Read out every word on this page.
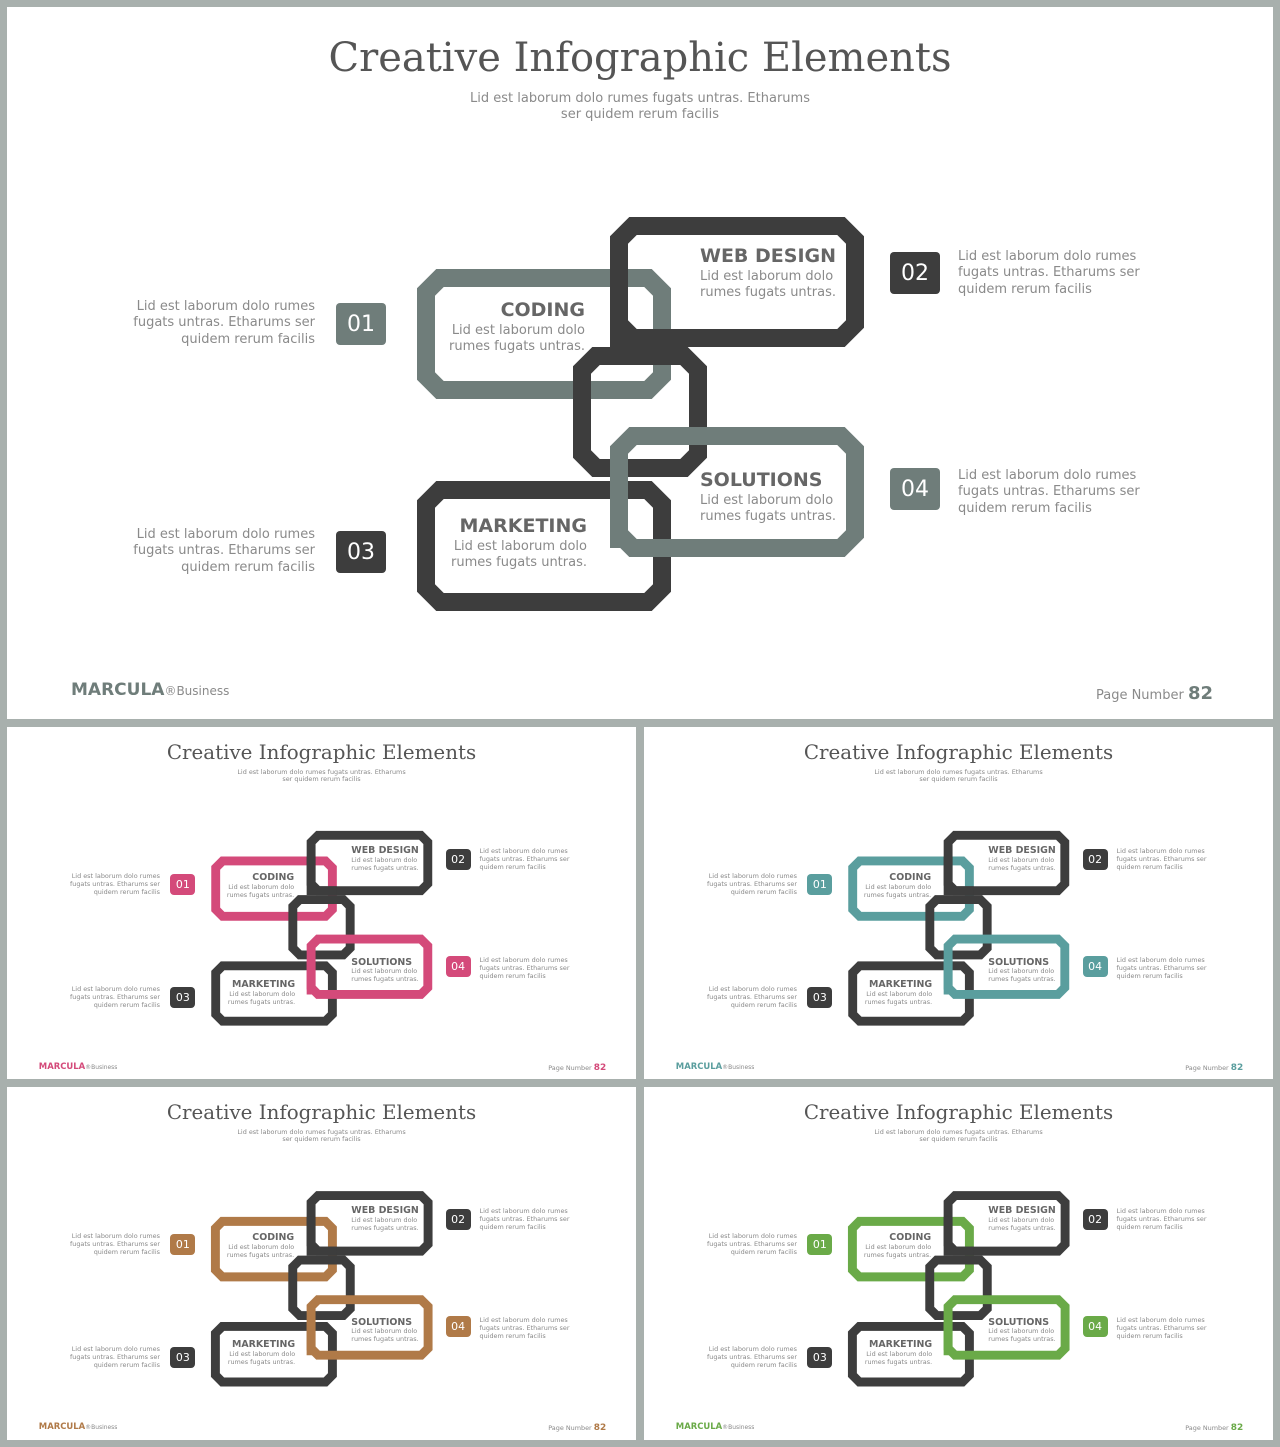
Creative Infographic Elements

Lid est laborum dolo rumes fugats untras. Etharums
ser quidem rerum facilis

CODING
Lid est laborum dolo
rumes fugats untras.
WEB DESIGN
Lid est laborum dolo
rumes fugats untras.
MARKETING
Lid est laborum dolo
rumes fugats untras.
SOLUTIONS
Lid est laborum dolo
rumes fugats untras.
01
Lid est laborum dolo rumes
fugats untras. Etharums ser
quidem rerum facilis
02
Lid est laborum dolo rumes
fugats untras. Etharums ser
quidem rerum facilis
03
Lid est laborum dolo rumes
fugats untras. Etharums ser
quidem rerum facilis
04
Lid est laborum dolo rumes
fugats untras. Etharums ser
quidem rerum facilis
MARCULA®Business	Page Number 82
Creative Infographic Elements

Lid est laborum dolo rumes fugats untras. Etharums
ser quidem rerum facilis

CODING
Lid est laborum dolo
rumes fugats untras.
WEB DESIGN
Lid est laborum dolo
rumes fugats untras.
MARKETING
Lid est laborum dolo
rumes fugats untras.
SOLUTIONS
Lid est laborum dolo
rumes fugats untras.
01
Lid est laborum dolo rumes
fugats untras. Etharums ser
quidem rerum facilis
02
Lid est laborum dolo rumes
fugats untras. Etharums ser
quidem rerum facilis
03
Lid est laborum dolo rumes
fugats untras. Etharums ser
quidem rerum facilis
04	Lid est laborum dolo rumes
fugats untras. Etharums ser
quidem rerum facilis
MARCULA®Business	Page Number 82
Creative Infographic Elements

Lid est laborum dolo rumes fugats untras. Etharums
ser quidem rerum facilis

CODING
Lid est laborum dolo
rumes fugats untras.
WEB DESIGN
Lid est laborum dolo
rumes fugats untras.
MARKETING
Lid est laborum dolo
rumes fugats untras.
SOLUTIONS
Lid est laborum dolo
rumes fugats untras.
01
Lid est laborum dolo rumes
fugats untras. Etharums ser
quidem rerum facilis
02
Lid est laborum dolo rumes
fugats untras. Etharums ser
quidem rerum facilis
03
Lid est laborum dolo rumes
fugats untras. Etharums ser
quidem rerum facilis
04	Lid est laborum dolo rumes
fugats untras. Etharums ser
quidem rerum facilis
MARCULA®Business	Page Number 82
Creative Infographic Elements

Lid est laborum dolo rumes fugats untras. Etharums
ser quidem rerum facilis

CODING
Lid est laborum dolo
rumes fugats untras.
WEB DESIGN
Lid est laborum dolo
rumes fugats untras.
MARKETING
Lid est laborum dolo
rumes fugats untras.
SOLUTIONS
Lid est laborum dolo
rumes fugats untras.
01
Lid est laborum dolo rumes
fugats untras. Etharums ser
quidem rerum facilis
02
Lid est laborum dolo rumes
fugats untras. Etharums ser
quidem rerum facilis
03
Lid est laborum dolo rumes
fugats untras. Etharums ser
quidem rerum facilis
04	Lid est laborum dolo rumes
fugats untras. Etharums ser
quidem rerum facilis
MARCULA®Business	Page Number 82
Creative Infographic Elements

Lid est laborum dolo rumes fugats untras. Etharums
ser quidem rerum facilis

CODING
Lid est laborum dolo
rumes fugats untras.
WEB DESIGN
Lid est laborum dolo
rumes fugats untras.
MARKETING
Lid est laborum dolo
rumes fugats untras.
SOLUTIONS
Lid est laborum dolo
rumes fugats untras.
01
Lid est laborum dolo rumes
fugats untras. Etharums ser
quidem rerum facilis
02
Lid est laborum dolo rumes
fugats untras. Etharums ser
quidem rerum facilis
03
Lid est laborum dolo rumes
fugats untras. Etharums ser
quidem rerum facilis
04	Lid est laborum dolo rumes
fugats untras. Etharums ser
quidem rerum facilis
MARCULA®Business	Page Number 82
